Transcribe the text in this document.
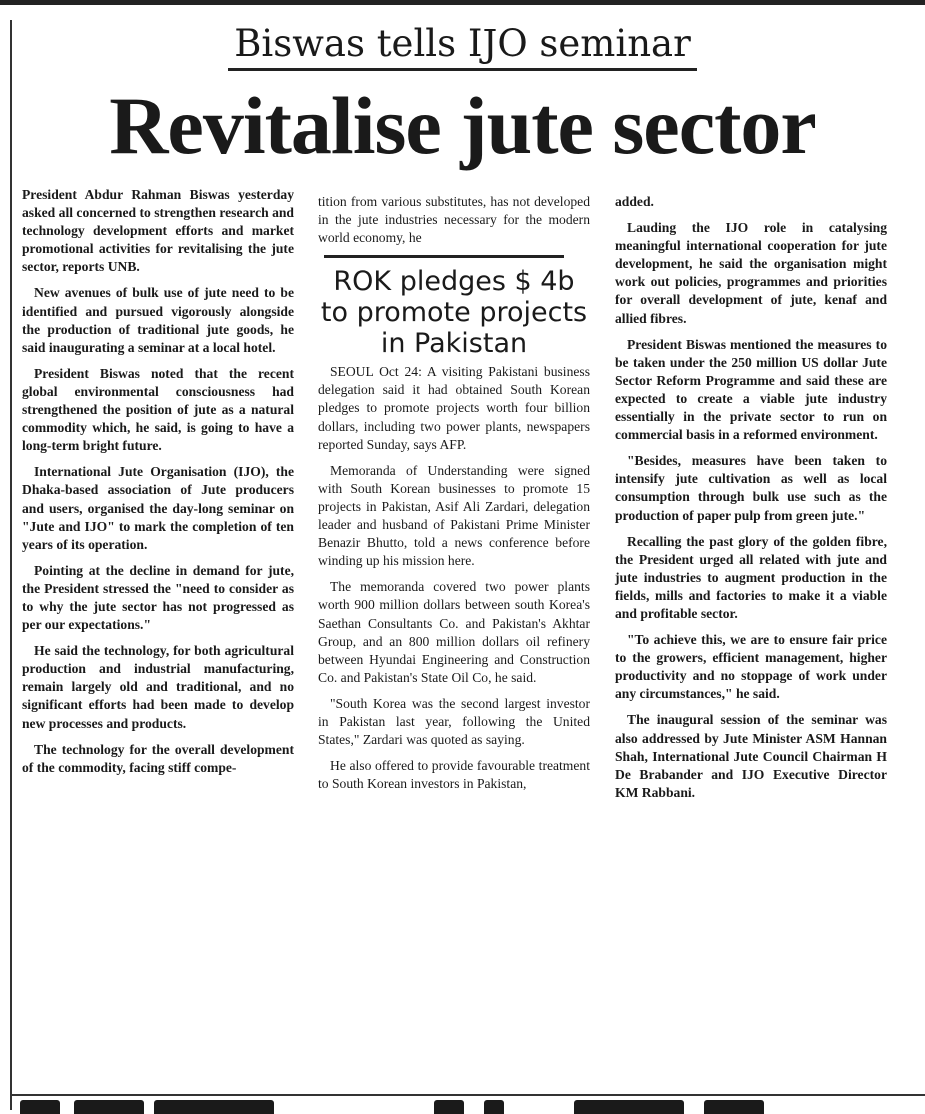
Biswas tells IJO seminar
Revitalise jute sector

President Abdur Rahman Biswas yesterday asked all concerned to strengthen research and technology development efforts and market promotional activities for revitalising the jute sector, reports UNB.

New avenues of bulk use of jute need to be identified and pursued vigorously alongside the production of traditional jute goods, he said inaugurating a seminar at a local hotel.

President Biswas noted that the recent global environmental consciousness had strengthened the position of jute as a natural commodity which, he said, is going to have a long-term bright future.

International Jute Organisation (IJO), the Dhaka-based association of Jute producers and users, organised the day-long seminar on "Jute and IJO" to mark the completion of ten years of its operation.

Pointing at the decline in demand for jute, the President stressed the "need to consider as to why the jute sector has not progressed as per our expectations."

He said the technology, for both agricultural production and industrial manufacturing, remain largely old and traditional, and no significant efforts had been made to develop new processes and products.

The technology for the overall development of the commodity, facing stiff compe-

tition from various substitutes, has not developed in the jute industries necessary for the modern world economy, he

ROK pledges $ 4b to promote projects in Pakistan

SEOUL Oct 24: A visiting Pakistani business delegation said it had obtained South Korean pledges to promote projects worth four billion dollars, including two power plants, newspapers reported Sunday, says AFP.

Memoranda of Understanding were signed with South Korean businesses to promote 15 projects in Pakistan, Asif Ali Zardari, delegation leader and husband of Pakistani Prime Minister Benazir Bhutto, told a news conference before winding up his mission here.

The memoranda covered two power plants worth 900 million dollars between south Korea's Saethan Consultants Co. and Pakistan's Akhtar Group, and an 800 million dollars oil refinery between Hyundai Engineering and Construction Co. and Pakistan's State Oil Co, he said.

"South Korea was the second largest investor in Pakistan last year, following the United States," Zardari was quoted as saying.

He also offered to provide favourable treatment to South Korean investors in Pakistan,

added.

Lauding the IJO role in catalysing meaningful international cooperation for jute development, he said the organisation might work out policies, programmes and priorities for overall development of jute, kenaf and allied fibres.

President Biswas mentioned the measures to be taken under the 250 million US dollar Jute Sector Reform Programme and said these are expected to create a viable jute industry essentially in the private sector to run on commercial basis in a reformed environment.

"Besides, measures have been taken to intensify jute cultivation as well as local consumption through bulk use such as the production of paper pulp from green jute."

Recalling the past glory of the golden fibre, the President urged all related with jute and jute industries to augment production in the fields, mills and factories to make it a viable and profitable sector.

"To achieve this, we are to ensure fair price to the growers, efficient management, higher productivity and no stoppage of work under any circumstances," he said.

The inaugural session of the seminar was also addressed by Jute Minister ASM Hannan Shah, International Jute Council Chairman H De Brabander and IJO Executive Director KM Rabbani.
